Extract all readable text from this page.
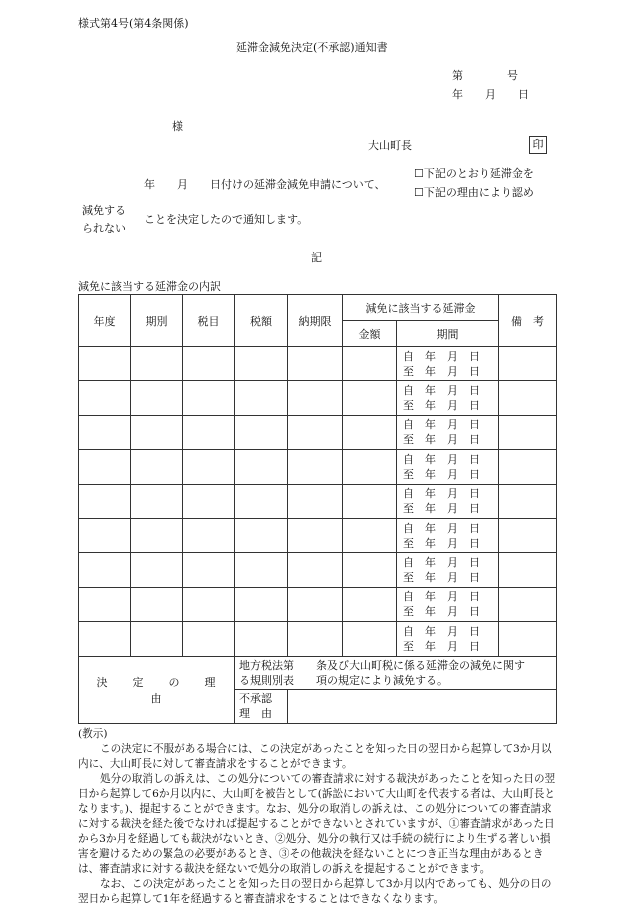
様式第4号(第4条関係)
延滞金減免決定(不承認)通知書
第　　　　号
年　　月　　日
様
大山町長	印
年　　月　　日付けの延滞金減免申請について、
☐下記のとおり延滞金を
☐下記の理由により認め
減免する
られない
ことを決定したので通知します。
記
減免に該当する延滞金の内訳
年度	期別	税目	税額	納期限	減免に該当する延滞金		備　考
					金額	期間	

						自　年　月　日
至　年　月　日	

						自　年　月　日
至　年　月　日	

						自　年　月　日
至　年　月　日	

						自　年　月　日
至　年　月　日	

						自　年　月　日
至　年　月　日	

						自　年　月　日
至　年　月　日	

						自　年　月　日
至　年　月　日	

						自　年　月　日
至　年　月　日	

						自　年　月　日
至　年　月　日	

決　　定　　の　　理　　由			地方税法第　　条及び大山町税に係る延滞金の減免に関す
る規則別表　　項の規定により減免する。				

			不承認
理　由				

(教示)

この決定に不服がある場合には、この決定があったことを知った日の翌日から起算して3か月以内に、大山町長に対して審査請求をすることができます。

処分の取消しの訴えは、この処分についての審査請求に対する裁決があったことを知った日の翌日から起算して6か月以内に、大山町を被告として(訴訟において大山町を代表する者は、大山町長となります。)、提起することができます。なお、処分の取消しの訴えは、この処分についての審査請求に対する裁決を経た後でなければ提起することができないとされていますが、①審査請求があった日から3か月を経過しても裁決がないとき、②処分、処分の執行又は手続の続行により生ずる著しい損害を避けるための緊急の必要があるとき、③その他裁決を経ないことにつき正当な理由があるときは、審査請求に対する裁決を経ないで処分の取消しの訴えを提起することができます。

なお、この決定があったことを知った日の翌日から起算して3か月以内であっても、処分の日の翌日から起算して1年を経過すると審査請求をすることはできなくなります。
